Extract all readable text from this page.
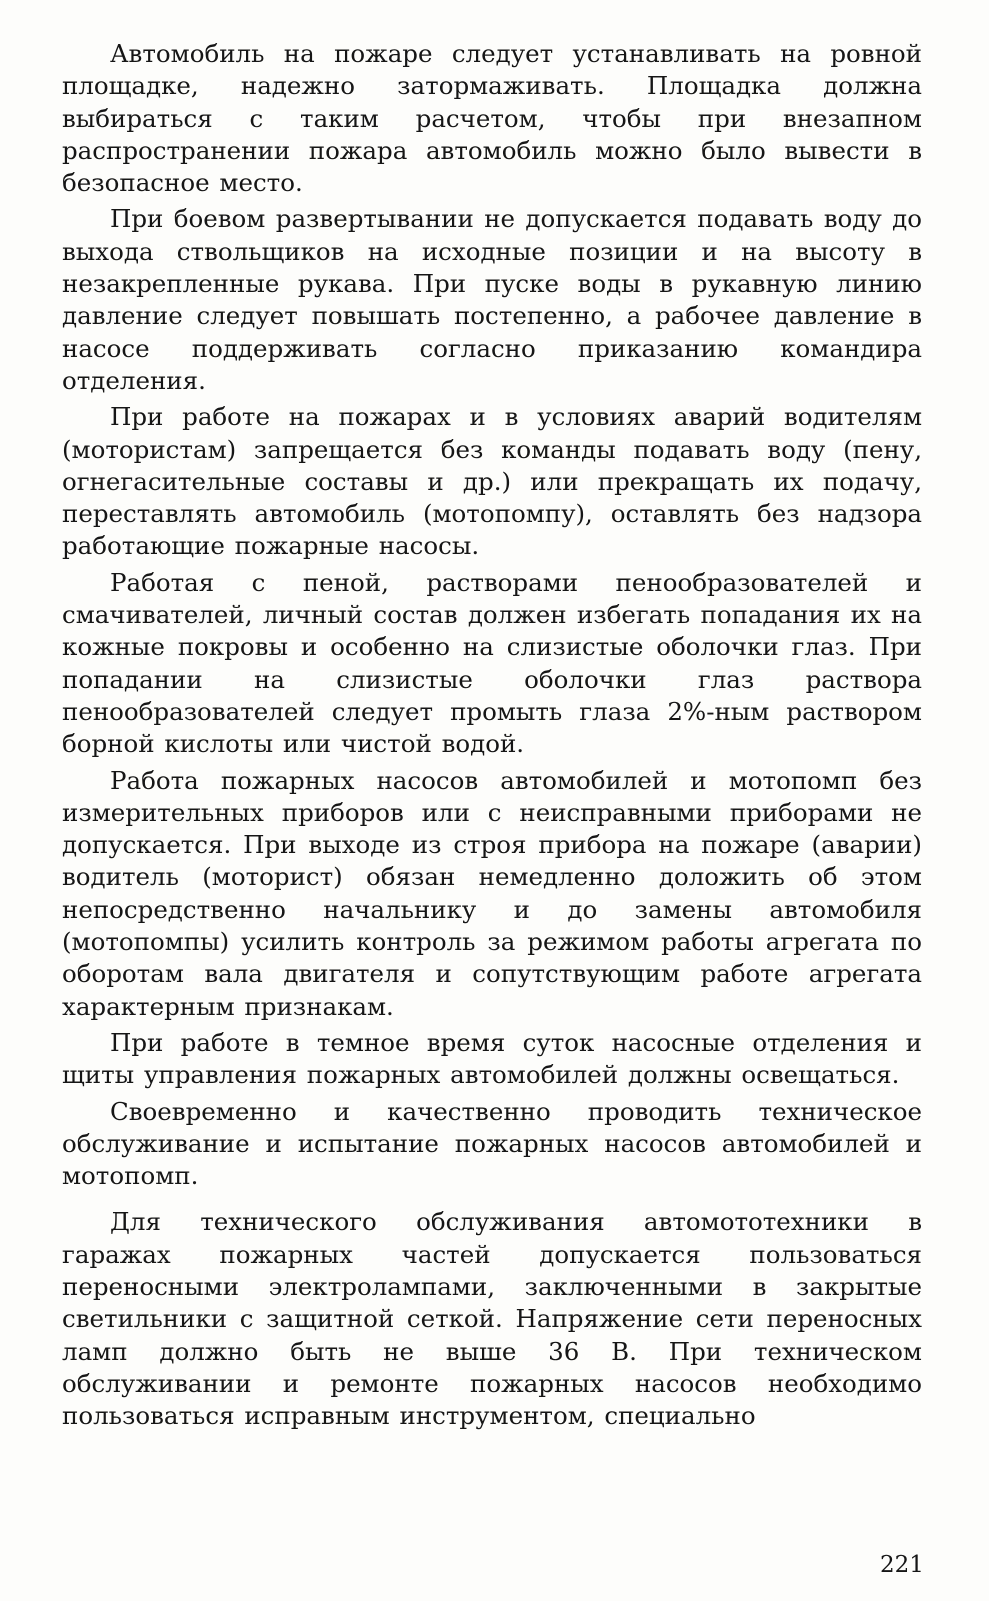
Автомобиль на пожаре следует устанавливать на ровной площадке, надежно затормаживать. Площадка должна выбираться с таким расчетом, чтобы при внезапном распространении пожара автомобиль можно было вывести в безопасное место.

При боевом развертывании не допускается подавать воду до выхода ствольщиков на исходные позиции и на высоту в незакрепленные рукава. При пуске воды в рукавную линию давление следует повышать постепенно, а рабочее давление в насосе поддерживать согласно приказанию командира отделения.

При работе на пожарах и в условиях аварий водителям (мотористам) запрещается без команды подавать воду (пену, огнегасительные составы и др.) или прекращать их подачу, переставлять автомобиль (мотопомпу), оставлять без надзора работающие пожарные насосы.

Работая с пеной, растворами пенообразователей и смачивателей, личный состав должен избегать попадания их на кожные покровы и особенно на слизистые оболочки глаз. При попадании на слизистые оболочки глаз раствора пенообразователей следует промыть глаза 2%-ным раствором борной кислоты или чистой водой.

Работа пожарных насосов автомобилей и мотопомп без измерительных приборов или с неисправными приборами не допускается. При выходе из строя прибора на пожаре (аварии) водитель (моторист) обязан немедленно доложить об этом непосредственно начальнику и до замены автомобиля (мотопомпы) усилить контроль за режимом работы агрегата по оборотам вала двигателя и сопутствующим работе агрегата характерным признакам.

При работе в темное время суток насосные отделения и щиты управления пожарных автомобилей должны освещаться.

Своевременно и качественно проводить техническое обслуживание и испытание пожарных насосов автомобилей и мотопомп.

Для технического обслуживания автомототехники в гаражах пожарных частей допускается пользоваться переносными электролампами, заключенными в закрытые светильники с защитной сеткой. Напряжение сети переносных ламп должно быть не выше 36 В. При техническом обслуживании и ремонте пожарных насосов необходимо пользоваться исправным инструментом, специально

221
